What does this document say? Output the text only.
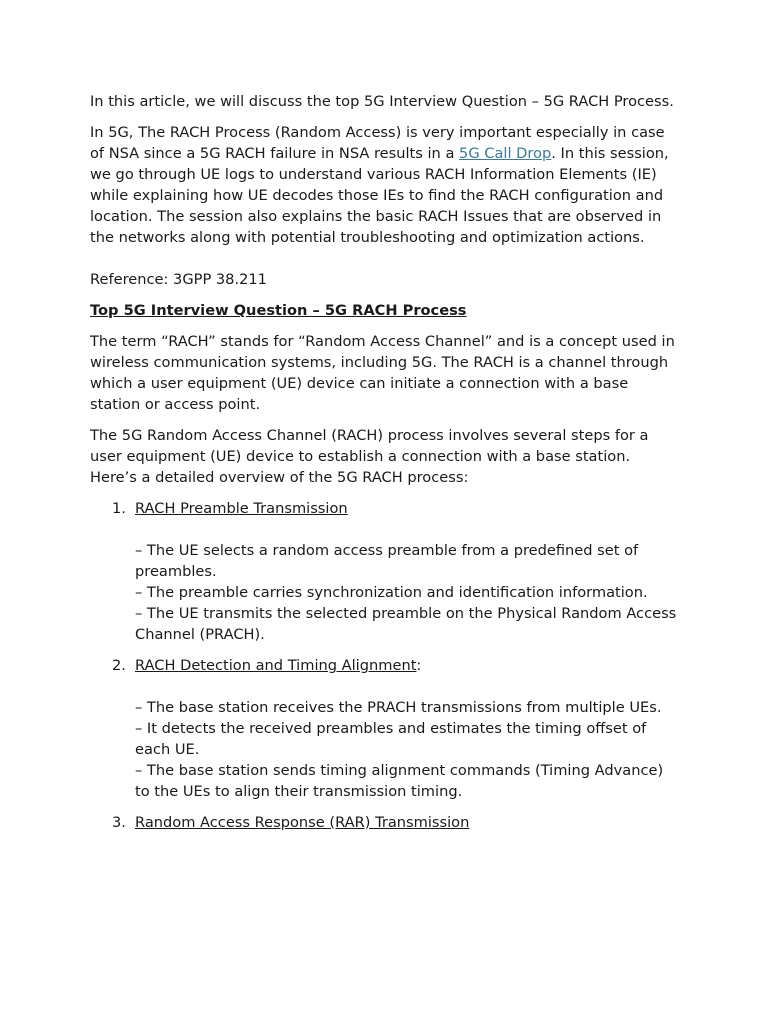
In this article, we will discuss the top 5G Interview Question – 5G RACH Process.

In 5G, The RACH Process (Random Access) is very important especially in case of NSA since a 5G RACH failure in NSA results in a 5G Call Drop. In this session, we go through UE logs to understand various RACH Information Elements (IE) while explaining how UE decodes those IEs to find the RACH configuration and location. The session also explains the basic RACH Issues that are observed in the networks along with potential troubleshooting and optimization actions.

Reference: 3GPP 38.211

Top 5G Interview Question – 5G RACH Process

The term “RACH” stands for “Random Access Channel” and is a concept used in wireless communication systems, including 5G. The RACH is a channel through which a user equipment (UE) device can initiate a connection with a base station or access point.

The 5G Random Access Channel (RACH) process involves several steps for a user equipment (UE) device to establish a connection with a base station. Here’s a detailed overview of the 5G RACH process:

1. RACH Preamble Transmission
– The UE selects a random access preamble from a predefined set of preambles.
– The preamble carries synchronization and identification information.
– The UE transmits the selected preamble on the Physical Random Access Channel (PRACH).
2. RACH Detection and Timing Alignment:
– The base station receives the PRACH transmissions from multiple UEs.
– It detects the received preambles and estimates the timing offset of each UE.
– The base station sends timing alignment commands (Timing Advance) to the UEs to align their transmission timing.
3. Random Access Response (RAR) Transmission
